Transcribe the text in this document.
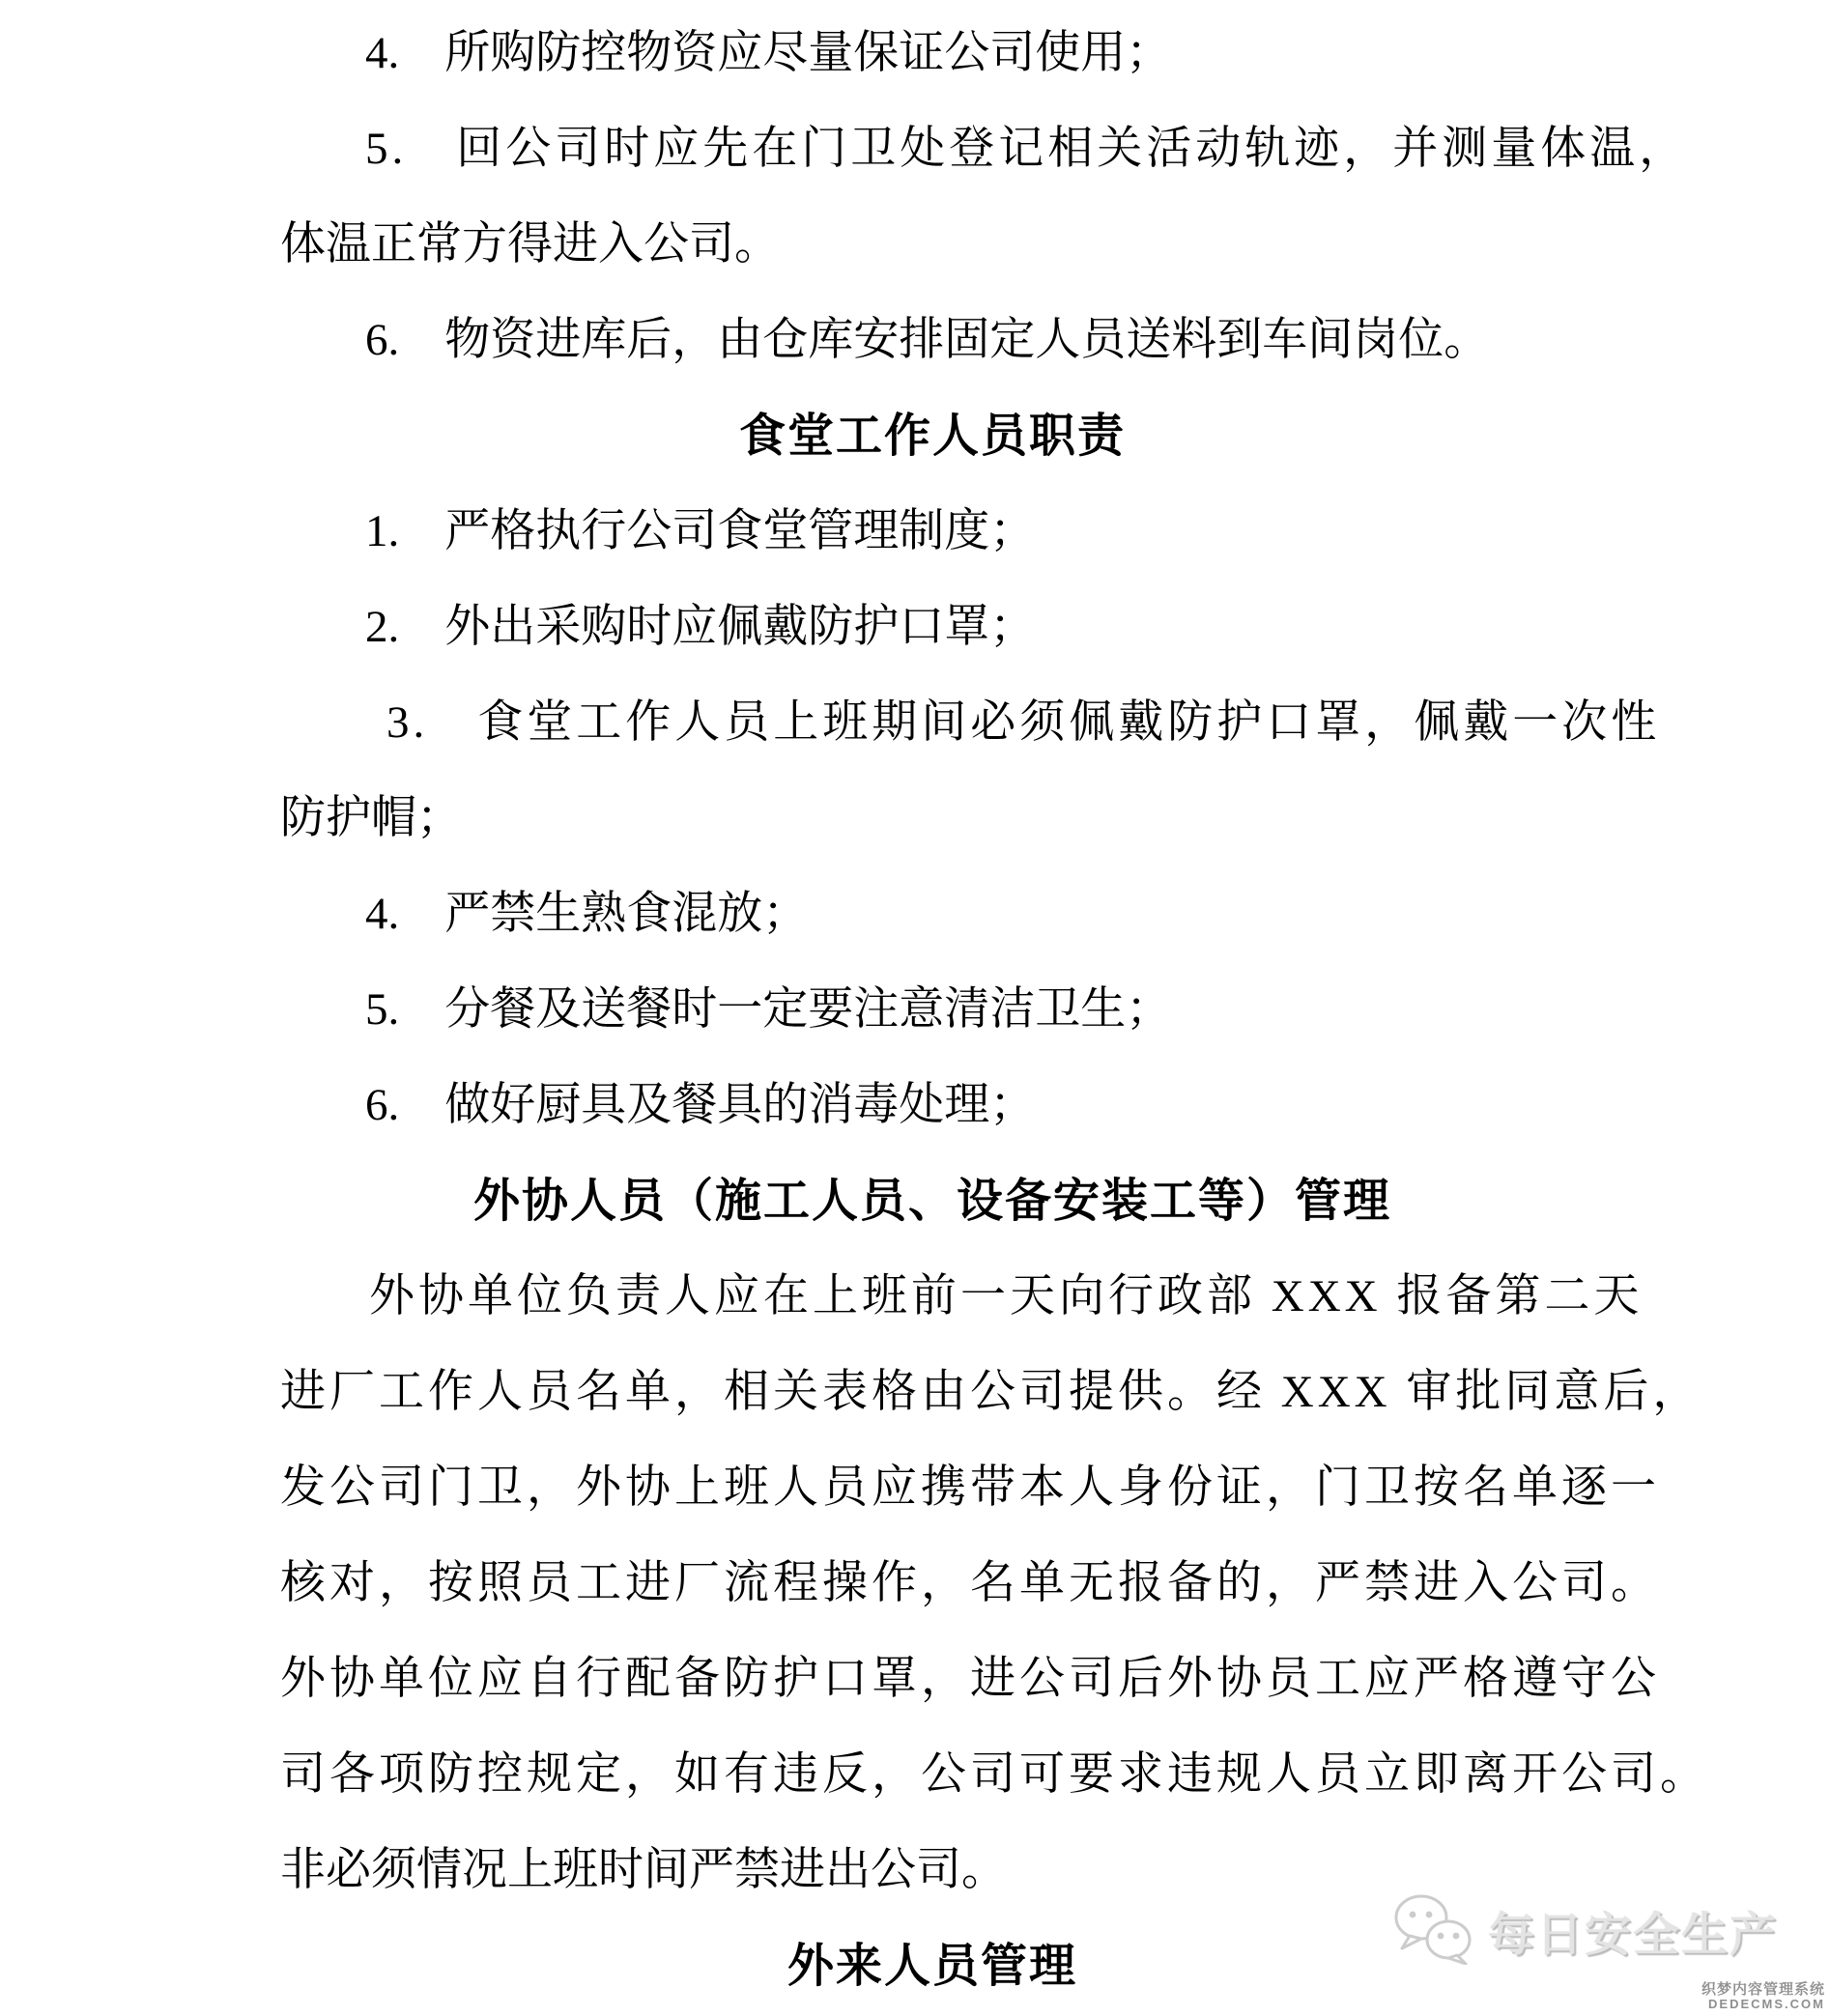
4.　所购防控物资应尽量保证公司使用；
5.　回公司时应先在门卫处登记相关活动轨迹，并测量体温，
体温正常方得进入公司。
6.　物资进库后，由仓库安排固定人员送料到车间岗位。
食堂工作人员职责
1.　严格执行公司食堂管理制度；
2.　外出采购时应佩戴防护口罩；
3.　食堂工作人员上班期间必须佩戴防护口罩，佩戴一次性
防护帽；
4.　严禁生熟食混放；
5.　分餐及送餐时一定要注意清洁卫生；
6.　做好厨具及餐具的消毒处理；
外协人员（施工人员、设备安装工等）管理
外协单位负责人应在上班前一天向行政部 XXX 报备第二天
进厂工作人员名单，相关表格由公司提供。经 XXX 审批同意后，
发公司门卫，外协上班人员应携带本人身份证，门卫按名单逐一
核对，按照员工进厂流程操作，名单无报备的，严禁进入公司。
外协单位应自行配备防护口罩，进公司后外协员工应严格遵守公
司各项防控规定，如有违反，公司可要求违规人员立即离开公司。
非必须情况上班时间严禁进出公司。
外来人员管理
每日安全生产
织梦内容管理系统
DEDECMS.COM
